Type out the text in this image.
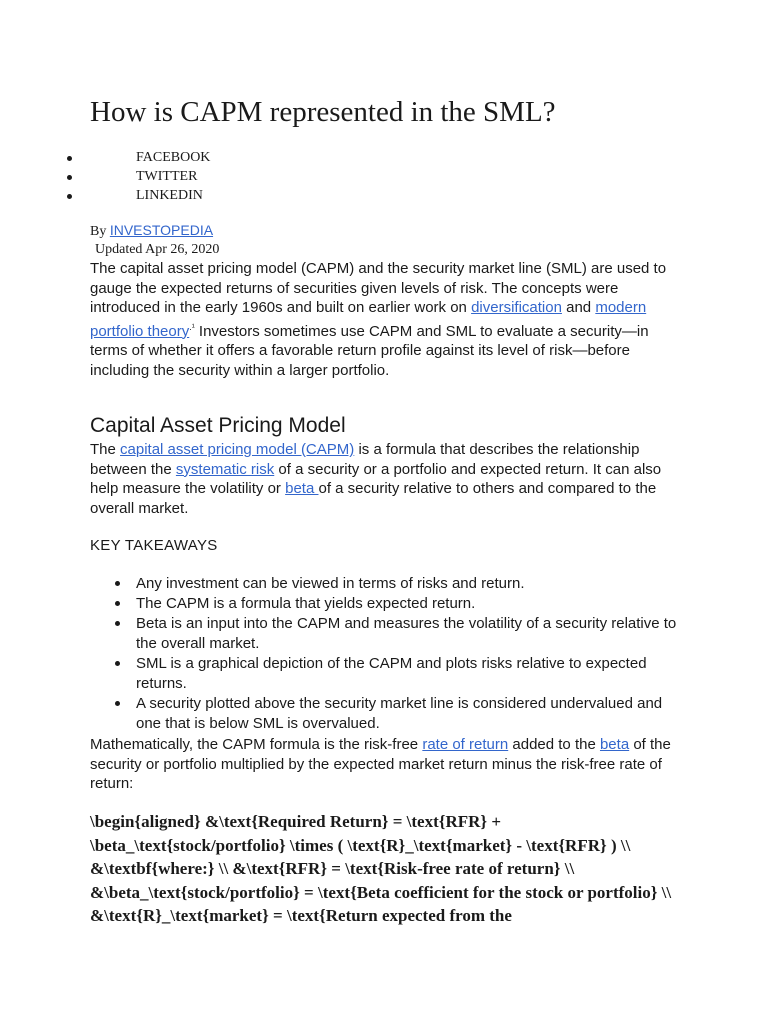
How is CAPM represented in the SML?
FACEBOOK
TWITTER
LINKEDIN
By INVESTOPEDIA
Updated Apr 26, 2020

The capital asset pricing model (CAPM) and the security market line (SML) are used to gauge the expected returns of securities given levels of risk. The concepts were introduced in the early 1960s and built on earlier work on diversification and modern portfolio theory$^{.^1}$ Investors sometimes use CAPM and SML to evaluate a security—in terms of whether it offers a favorable return profile against its level of risk—before including the security within a larger portfolio.

Capital Asset Pricing Model

The capital asset pricing model (CAPM) is a formula that describes the relationship between the systematic risk of a security or a portfolio and expected return. It can also help measure the volatility or beta of a security relative to others and compared to the overall market.

KEY TAKEAWAYS
Any investment can be viewed in terms of risks and return.
The CAPM is a formula that yields expected return.
Beta is an input into the CAPM and measures the volatility of a security relative to the overall market.
SML is a graphical depiction of the CAPM and plots risks relative to expected returns.
A security plotted above the security market line is considered undervalued and one that is below SML is overvalued.

Mathematically, the CAPM formula is the risk-free rate of return added to the beta of the security or portfolio multiplied by the expected market return minus the risk-free rate of return:

\begin{aligned} &\text{Required Return} = \text{RFR} + \beta_\text{stock/portfolio} \times ( \text{R}_\text{market} - \text{RFR} ) \\ &\textbf{where:} \\ &\text{RFR} = \text{Risk-free rate of return} \\ &\beta_\text{stock/portfolio} = \text{Beta coefficient for the stock or portfolio} \\ &\text{R}_\text{market} = \text{Return expected from the
